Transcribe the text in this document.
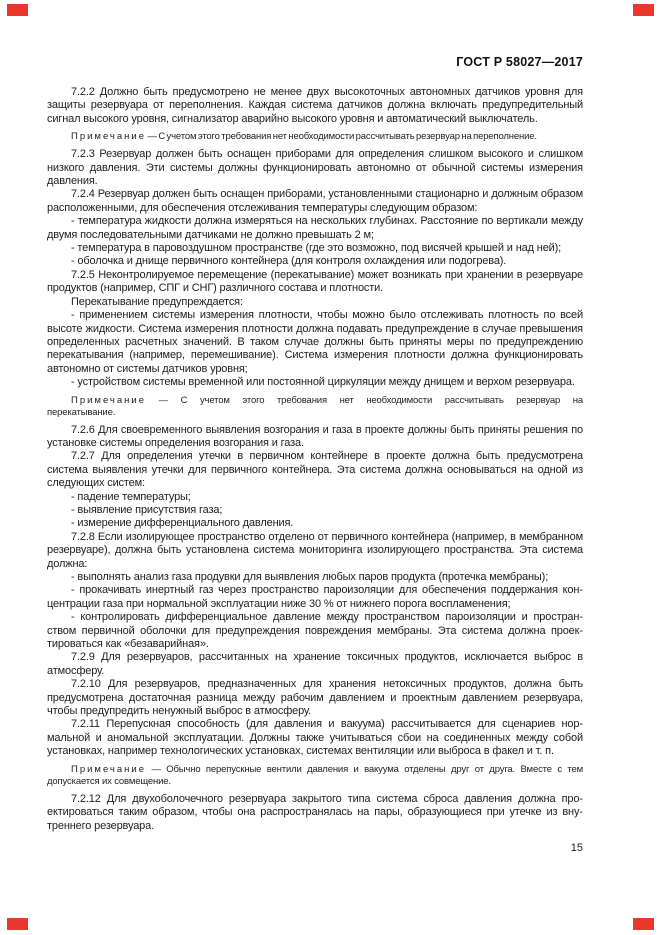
ГОСТ Р 58027—2017
7.2.2 Должно быть предусмотрено не менее двух высокоточных автономных датчиков уровня для защиты резервуара от переполнения. Каждая система датчиков должна включать предупредительный сигнал высокого уровня, сигнализатор аварийно высокого уровня и автоматический выключатель.
Примечание — С учетом этого требования нет необходимости рассчитывать резервуар на переполнение.
7.2.3 Резервуар должен быть оснащен приборами для определения слишком высокого и слишком низкого давления. Эти системы должны функционировать автономно от обычной системы измерения давления.
7.2.4 Резервуар должен быть оснащен приборами, установленными стационарно и должным образом расположенными, для обеспечения отслеживания температуры следующим образом:
- температура жидкости должна измеряться на нескольких глубинах. Расстояние по вертикали между двумя последовательными датчиками не должно превышать 2 м;
- температура в паровоздушном пространстве (где это возможно, под висячей крышей и над ней);
- оболочка и днище первичного контейнера (для контроля охлаждения или подогрева).
7.2.5 Неконтролируемое перемещение (перекатывание) может возникать при хранении в резервуаре продуктов (например, СПГ и СНГ) различного состава и плотности.
Перекатывание предупреждается:
- применением системы измерения плотности, чтобы можно было отслеживать плотность по всей высоте жидкости. Система измерения плотности должна подавать предупреждение в случае превышения определенных расчетных значений. В таком случае должны быть приняты меры по предупреждению перекатывания (например, перемешивание). Система измерения плотности должна функционировать автономно от системы датчиков уровня;
- устройством системы временной или постоянной циркуляции между днищем и верхом резервуара.
Примечание — С учетом этого требования нет необходимости рассчитывать резервуар на перекатывание.
7.2.6 Для своевременного выявления возгорания и газа в проекте должны быть приняты решения по установке системы определения возгорания и газа.
7.2.7 Для определения утечки в первичном контейнере в проекте должна быть предусмотрена система выявления утечки для первичного контейнера. Эта система должна основываться на одной из следующих систем:
- падение температуры;
- выявление присутствия газа;
- измерение дифференциального давления.
7.2.8 Если изолирующее пространство отделено от первичного контейнера (например, в мембранном резервуаре), должна быть установлена система мониторинга изолирующего пространства. Эта система должна:
- выполнять анализ газа продувки для выявления любых паров продукта (протечка мембраны);
- прокачивать инертный газ через пространство пароизоляции для обеспечения поддержания концентрации газа при нормальной эксплуатации ниже 30 % от нижнего порога воспламенения;
- контролировать дифференциальное давление между пространством пароизоляции и пространством первичной оболочки для предупреждения повреждения мембраны. Эта система должна проектироваться как «безаварийная».
7.2.9 Для резервуаров, рассчитанных на хранение токсичных продуктов, исключается выброс в атмосферу.
7.2.10 Для резервуаров, предназначенных для хранения нетоксичных продуктов, должна быть предусмотрена достаточная разница между рабочим давлением и проектным давлением резервуара, чтобы предупредить ненужный выброс в атмосферу.
7.2.11 Перепускная способность (для давления и вакуума) рассчитывается для сценариев нормальной и аномальной эксплуатации. Должны также учитываться сбои на соединенных между собой установках, например технологических установках, системах вентиляции или выброса в факел и т. п.
Примечание — Обычно перепускные вентили давления и вакуума отделены друг от друга. Вместе с тем допускается их совмещение.
7.2.12 Для двухоболочечного резервуара закрытого типа система сброса давления должна проектироваться таким образом, чтобы она распространялась на пары, образующиеся при утечке из внутреннего резервуара.
15
